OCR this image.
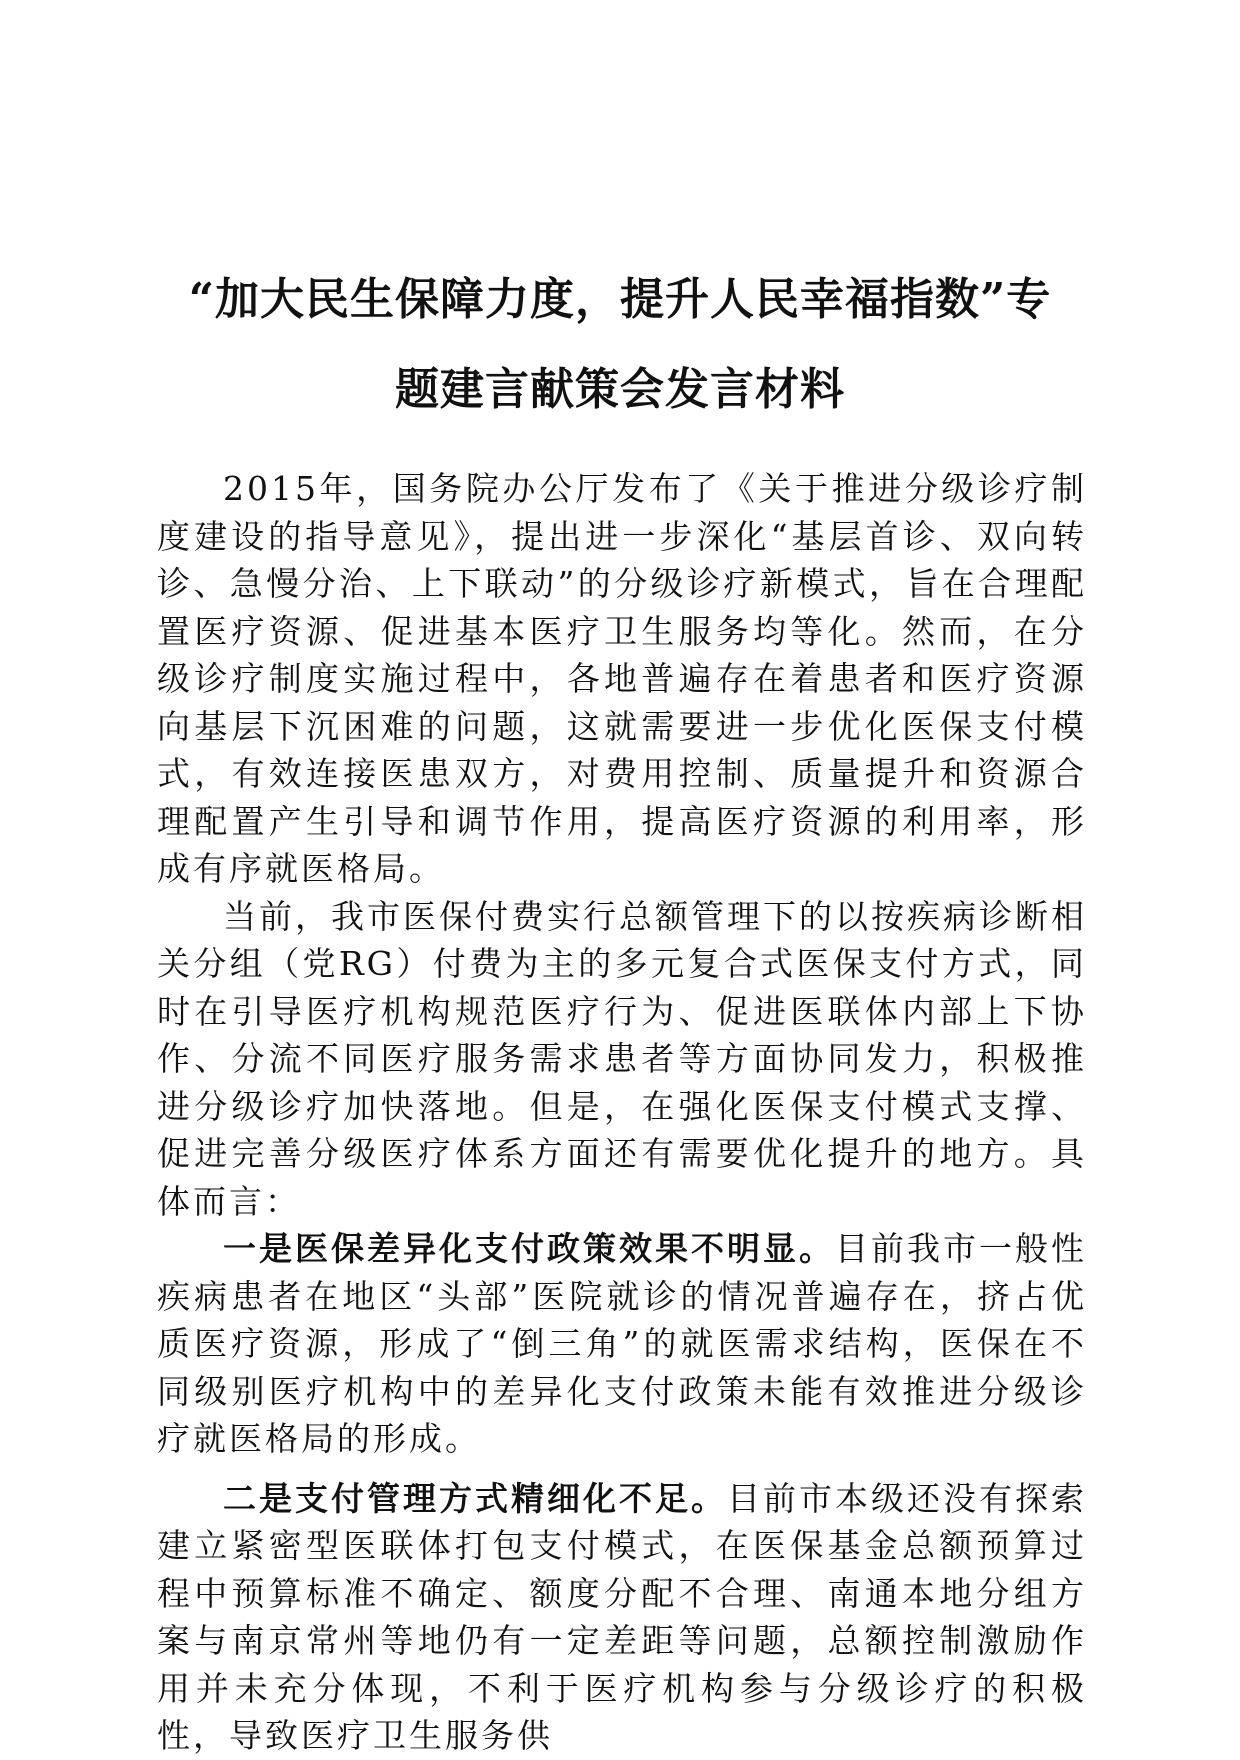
“加大民生保障力度，提升人民幸福指数”专
题建言献策会发言材料

2015年，国务院办公厅发布了《关于推进分级诊疗制度建设的指导意见》，提出进一步深化“基层首诊、双向转诊、急慢分治、上下联动”的分级诊疗新模式，旨在合理配置医疗资源、促进基本医疗卫生服务均等化。然而，在分级诊疗制度实施过程中，各地普遍存在着患者和医疗资源向基层下沉困难的问题，这就需要进一步优化医保支付模式，有效连接医患双方，对费用控制、质量提升和资源合理配置产生引导和调节作用，提高医疗资源的利用率，形成有序就医格局。

当前，我市医保付费实行总额管理下的以按疾病诊断相关分组（党RG）付费为主的多元复合式医保支付方式，同时在引导医疗机构规范医疗行为、促进医联体内部上下协作、分流不同医疗服务需求患者等方面协同发力，积极推进分级诊疗加快落地。但是，在强化医保支付模式支撑、促进完善分级医疗体系方面还有需要优化提升的地方。具体而言：

一是医保差异化支付政策效果不明显。目前我市一般性疾病患者在地区“头部”医院就诊的情况普遍存在，挤占优质医疗资源，形成了“倒三角”的就医需求结构，医保在不同级别医疗机构中的差异化支付政策未能有效推进分级诊疗就医格局的形成。

二是支付管理方式精细化不足。目前市本级还没有探索建立紧密型医联体打包支付模式，在医保基金总额预算过程中预算标准不确定、额度分配不合理、南通本地分组方案与南京常州等地仍有一定差距等问题，总额控制激励作用并未充分体现，不利于医疗机构参与分级诊疗的积极性，导致医疗卫生服务供
